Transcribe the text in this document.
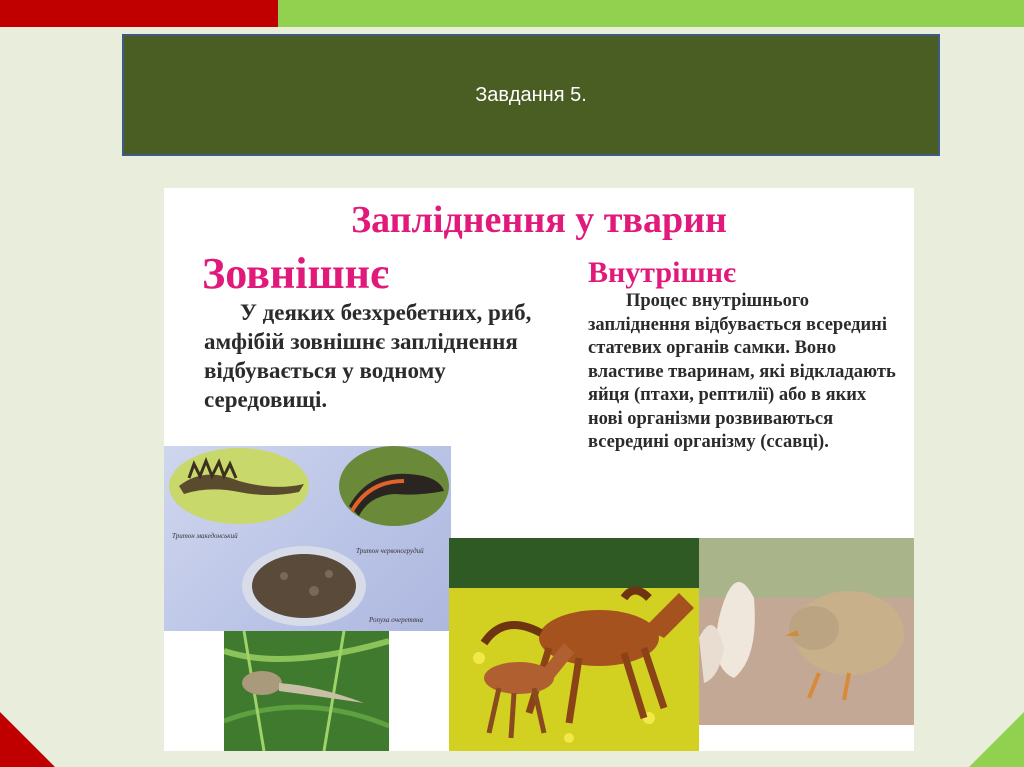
Завдання 5.
Запліднення у тварин
Зовнішнє	Внутрішнє
У деяких безхребетних, риб, амфібій зовнішнє запліднення відбувається у водному середовищі.
Процес внутрішнього запліднення відбувається всередині статевих органів самки. Воно властиве тваринам, які відкладають яйця (птахи, рептилії) або в яких нові організми розвиваються всередині організму (ссавці).
Тритон македонський
Тритон червоногрудий
Ропуха очеретяна
